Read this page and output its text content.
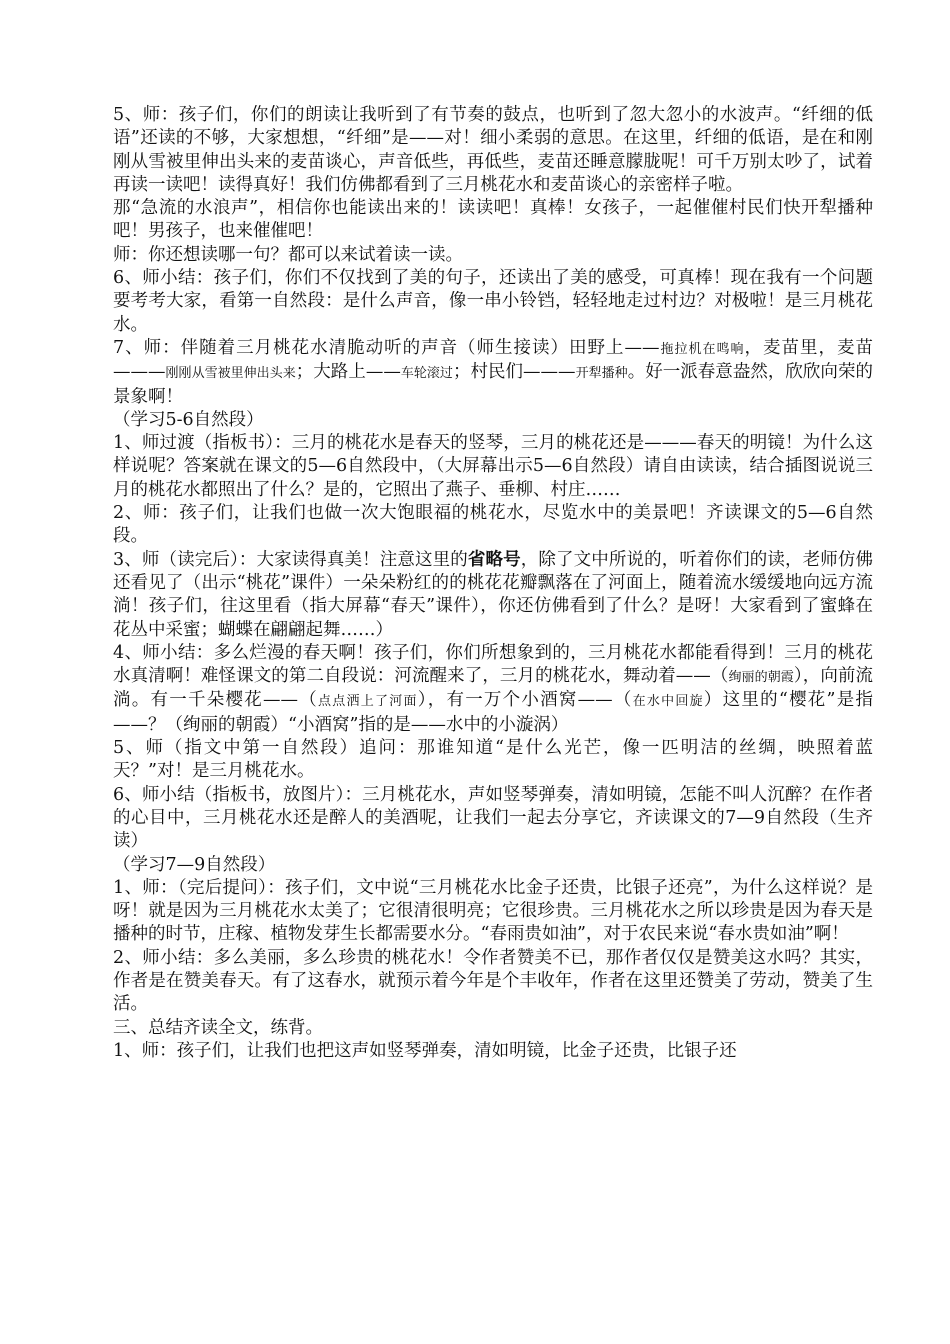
5、师：孩子们，你们的朗读让我听到了有节奏的鼓点，也听到了忽大忽小的水波声。“纤细的低语”还读的不够，大家想想，“纤细”是——对！细小柔弱的意思。在这里，纤细的低语，是在和刚刚从雪被里伸出头来的麦苗谈心，声音低些，再低些，麦苗还睡意朦胧呢！可千万别太吵了，试着再读一读吧！读得真好！我们仿佛都看到了三月桃花水和麦苗谈心的亲密样子啦。

那“急流的水浪声”，相信你也能读出来的！读读吧！真棒！女孩子，一起催催村民们快开犁播种吧！男孩子，也来催催吧！

师：你还想读哪一句？都可以来试着读一读。

6、师小结：孩子们，你们不仅找到了美的句子，还读出了美的感受，可真棒！现在我有一个问题要考考大家，看第一自然段：是什么声音，像一串小铃铛，轻轻地走过村边？对极啦！是三月桃花水。

7、师：伴随着三月桃花水清脆动听的声音（师生接读）田野上——拖拉机在鸣响，麦苗里，麦苗———刚刚从雪被里伸出头来；大路上——车轮滚过；村民们———开犁播种。好一派春意盎然，欣欣向荣的景象啊！

（学习5-6自然段）

1、师过渡（指板书）：三月的桃花水是春天的竖琴，三月的桃花还是———春天的明镜！为什么这样说呢？答案就在课文的5—6自然段中，（大屏幕出示5—6自然段）请自由读读，结合插图说说三月的桃花水都照出了什么？是的，它照出了燕子、垂柳、村庄……

2、师：孩子们，让我们也做一次大饱眼福的桃花水，尽览水中的美景吧！齐读课文的5—6自然段。

3、师（读完后）：大家读得真美！注意这里的省略号，除了文中所说的，听着你们的读，老师仿佛还看见了（出示“桃花”课件）一朵朵粉红的的桃花花瓣飘落在了河面上，随着流水缓缓地向远方流淌！孩子们，往这里看（指大屏幕“春天”课件），你还仿佛看到了什么？是呀！大家看到了蜜蜂在花丛中采蜜；蝴蝶在翩翩起舞……）

4、师小结：多么烂漫的春天啊！孩子们，你们所想象到的，三月桃花水都能看得到！三月的桃花水真清啊！难怪课文的第二自段说：河流醒来了，三月的桃花水，舞动着——（绚丽的朝霞），向前流淌。有一千朵樱花——（点点洒上了河面），有一万个小酒窝——（在水中回旋）这里的“樱花”是指——？（绚丽的朝霞）“小酒窝”指的是——水中的小漩涡）

5、师（指文中第一自然段）追问：那谁知道“是什么光芒，像一匹明洁的丝绸，映照着蓝天？”对！是三月桃花水。

6、师小结（指板书，放图片）：三月桃花水，声如竖琴弹奏，清如明镜，怎能不叫人沉醉？在作者的心目中，三月桃花水还是醉人的美酒呢，让我们一起去分享它，齐读课文的7—9自然段（生齐读）

（学习7—9自然段）

1、师：（完后提问）：孩子们，文中说“三月桃花水比金子还贵，比银子还亮”，为什么这样说？是呀！就是因为三月桃花水太美了；它很清很明亮；它很珍贵。三月桃花水之所以珍贵是因为春天是播种的时节，庄稼、植物发芽生长都需要水分。“春雨贵如油”，对于农民来说“春水贵如油”啊！

2、师小结：多么美丽，多么珍贵的桃花水！令作者赞美不已，那作者仅仅是赞美这水吗？其实，作者是在赞美春天。有了这春水，就预示着今年是个丰收年，作者在这里还赞美了劳动，赞美了生活。

三、总结齐读全文，练背。

1、师：孩子们，让我们也把这声如竖琴弹奏，清如明镜，比金子还贵，比银子还
